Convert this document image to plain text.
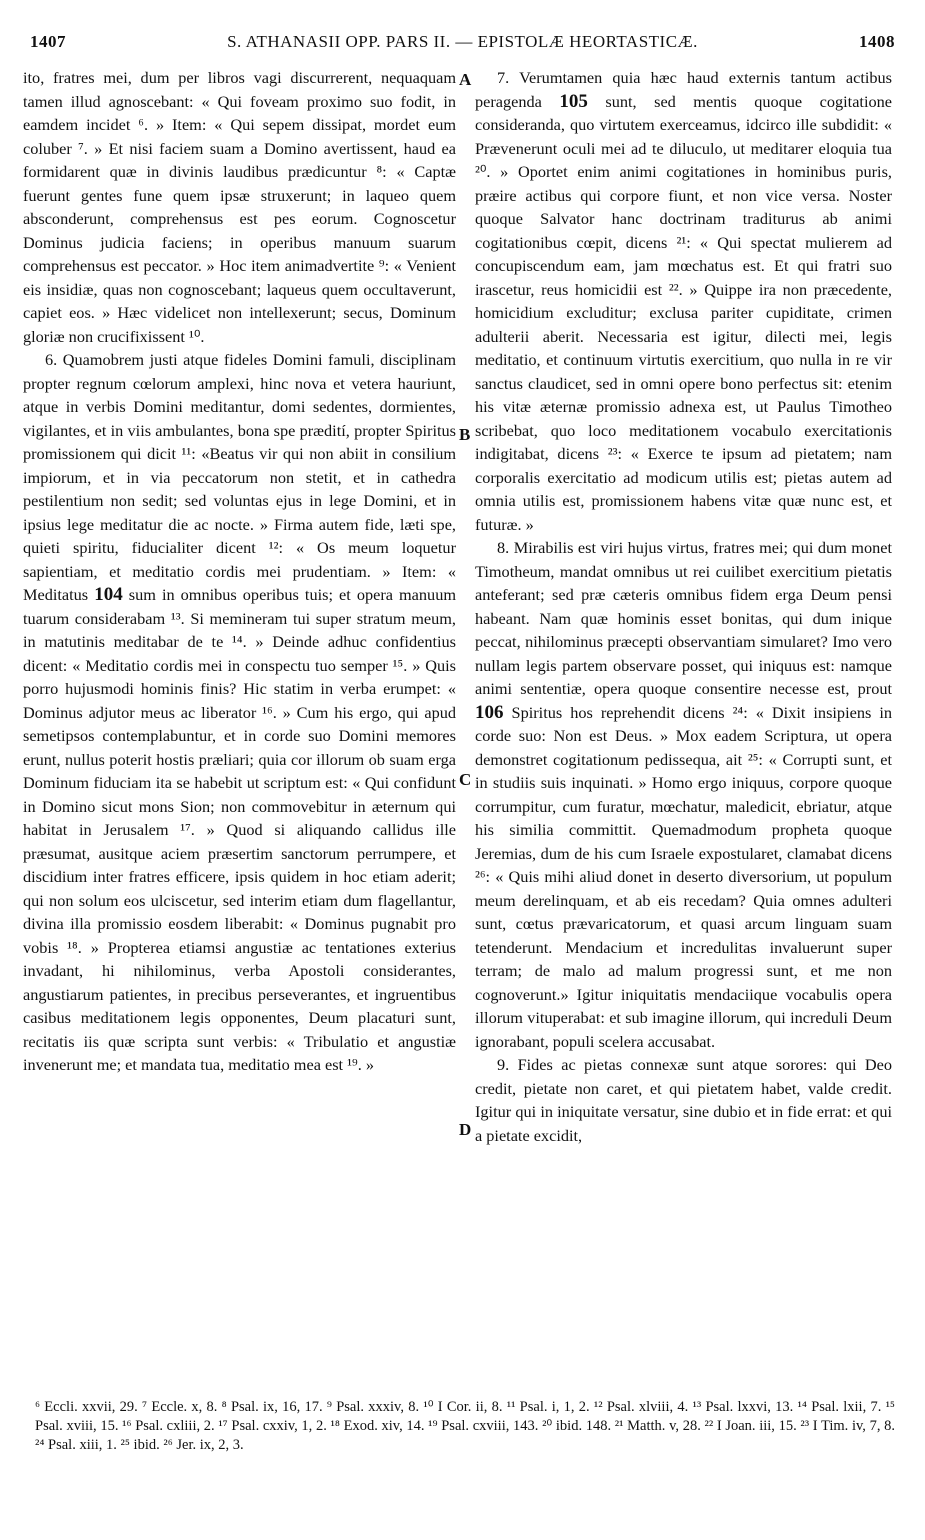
1407	S. ATHANASII OPP. PARS II. — EPISTOLÆ HEORTASTICÆ.	1408

ito, fratres mei, dum per libros vagi discurrerent, nequaquam tamen illud agnoscebant: « Qui foveam proximo suo fodit, in eamdem incidet ⁶. » Item: « Qui sepem dissipat, mordet eum coluber ⁷. » Et nisi faciem suam a Domino avertissent, haud ea formidarent quæ in divinis laudibus prædicuntur ⁸: « Captæ fuerunt gentes fune quem ipsæ struxerunt; in laqueo quem absconderunt, comprehensus est pes eorum. Cognoscetur Dominus judicia faciens; in operibus manuum suarum comprehensus est peccator. » Hoc item animadvertite ⁹: « Venient eis insidiæ, quas non cognoscebant; laqueus quem occultaverunt, capiet eos. » Hæc videlicet non intellexerunt; secus, Dominum gloriæ non crucifixissent ¹⁰.

6. Quamobrem justi atque fideles Domini famuli, disciplinam propter regnum cœlorum amplexi, hinc nova et vetera hauriunt, atque in verbis Domini meditantur, domi sedentes, dormientes, vigilantes, et in viis ambulantes, bona spe prædití, propter Spiritus promissionem qui dicit ¹¹: «Beatus vir qui non abiit in consilium impiorum, et in via peccatorum non stetit, et in cathedra pestilentium non sedit; sed voluntas ejus in lege Domini, et in ipsius lege meditatur die ac nocte. » Firma autem fide, læti spe, quieti spiritu, fiducialiter dicent ¹²: « Os meum loquetur sapientiam, et meditatio cordis mei prudentiam. » Item: « Meditatus 104 sum in omnibus operibus tuis; et opera manuum tuarum considerabam ¹³. Si memineram tui super stratum meum, in matutinis meditabar de te ¹⁴. » Deinde adhuc confidentius dicent: « Meditatio cordis mei in conspectu tuo semper ¹⁵. » Quis porro hujusmodi hominis finis? Hic statim in verba erumpet: « Dominus adjutor meus ac liberator ¹⁶. » Cum his ergo, qui apud semetipsos contemplabuntur, et in corde suo Domini memores erunt, nullus poterit hostis præliari; quia cor illorum ob suam erga Dominum fiduciam ita se habebit ut scriptum est: « Qui confidunt in Domino sicut mons Sion; non commovebitur in æternum qui habitat in Jerusalem ¹⁷. » Quod si aliquando callidus ille præsumat, ausitque aciem præsertim sanctorum perrumpere, et discidium inter fratres efficere, ipsis quidem in hoc etiam aderit; qui non solum eos ulciscetur, sed interim etiam dum flagellantur, divina illa promissio eosdem liberabit: « Dominus pugnabit pro vobis ¹⁸. » Propterea etiamsi angustiæ ac tentationes exterius invadant, hi nihilominus, verba Apostoli considerantes, angustiarum patientes, in precibus perseverantes, et ingruentibus casibus meditationem legis opponentes, Deum placaturi sunt, recitatis iis quæ scripta sunt verbis: « Tribulatio et angustiæ invenerunt me; et mandata tua, meditatio mea est ¹⁹. »

A
B
C
D

7. Verumtamen quia hæc haud externis tantum actibus peragenda 105 sunt, sed mentis quoque cogitatione consideranda, quo virtutem exerceamus, idcirco ille subdidit: « Prævenerunt oculi mei ad te diluculo, ut meditarer eloquia tua ²⁰. » Oportet enim animi cogitationes in hominibus puris, præire actibus qui corpore fiunt, et non vice versa. Noster quoque Salvator hanc doctrinam traditurus ab animi cogitationibus cœpit, dicens ²¹: « Qui spectat mulierem ad concupiscendum eam, jam mœchatus est. Et qui fratri suo irascetur, reus homicidii est ²². » Quippe ira non præcedente, homicidium excluditur; exclusa pariter cupiditate, crimen adulterii aberit. Necessaria est igitur, dilecti mei, legis meditatio, et continuum virtutis exercitium, quo nulla in re vir sanctus claudicet, sed in omni opere bono perfectus sit: etenim his vitæ æternæ promissio adnexa est, ut Paulus Timotheo scribebat, quo loco meditationem vocabulo exercitationis indigitabat, dicens ²³: « Exerce te ipsum ad pietatem; nam corporalis exercitatio ad modicum utilis est; pietas autem ad omnia utilis est, promissionem habens vitæ quæ nunc est, et futuræ. »

8. Mirabilis est viri hujus virtus, fratres mei; qui dum monet Timotheum, mandat omnibus ut rei cuilibet exercitium pietatis anteferant; sed præ cæteris omnibus fidem erga Deum pensi habeant. Nam quæ hominis esset bonitas, qui dum inique peccat, nihilominus præcepti observantiam simularet? Imo vero nullam legis partem observare posset, qui iniquus est: namque animi sententiæ, opera quoque consentire necesse est, prout 106 Spiritus hos reprehendit dicens ²⁴: « Dixit insipiens in corde suo: Non est Deus. » Mox eadem Scriptura, ut opera demonstret cogitationum pedissequa, ait ²⁵: « Corrupti sunt, et in studiis suis inquinati. » Homo ergo iniquus, corpore quoque corrumpitur, cum furatur, mœchatur, maledicit, ebriatur, atque his similia committit. Quemadmodum propheta quoque Jeremias, dum de his cum Israele expostularet, clamabat dicens ²⁶: « Quis mihi aliud donet in deserto diversorium, ut populum meum derelinquam, et ab eis recedam? Quia omnes adulteri sunt, cœtus prævaricatorum, et quasi arcum linguam suam tetenderunt. Mendacium et incredulitas invaluerunt super terram; de malo ad malum progressi sunt, et me non cognoverunt.» Igitur iniquitatis mendaciique vocabulis opera illorum vituperabat: et sub imagine illorum, qui increduli Deum ignorabant, populi scelera accusabat.

9. Fides ac pietas connexæ sunt atque sorores: qui Deo credit, pietate non caret, et qui pietatem habet, valde credit. Igitur qui in iniquitate versatur, sine dubio et in fide errat: et qui a pietate excidit,

⁶ Eccli. xxvii, 29. ⁷ Eccle. x, 8. ⁸ Psal. ix, 16, 17. ⁹ Psal. xxxiv, 8. ¹⁰ I Cor. ii, 8. ¹¹ Psal. i, 1, 2. ¹² Psal. xlviii, 4. ¹³ Psal. lxxvi, 13. ¹⁴ Psal. lxii, 7. ¹⁵ Psal. xviii, 15. ¹⁶ Psal. cxliii, 2. ¹⁷ Psal. cxxiv, 1, 2. ¹⁸ Exod. xiv, 14. ¹⁹ Psal. cxviii, 143. ²⁰ ibid. 148. ²¹ Matth. v, 28. ²² I Joan. iii, 15. ²³ I Tim. iv, 7, 8. ²⁴ Psal. xiii, 1. ²⁵ ibid. ²⁶ Jer. ix, 2, 3.
